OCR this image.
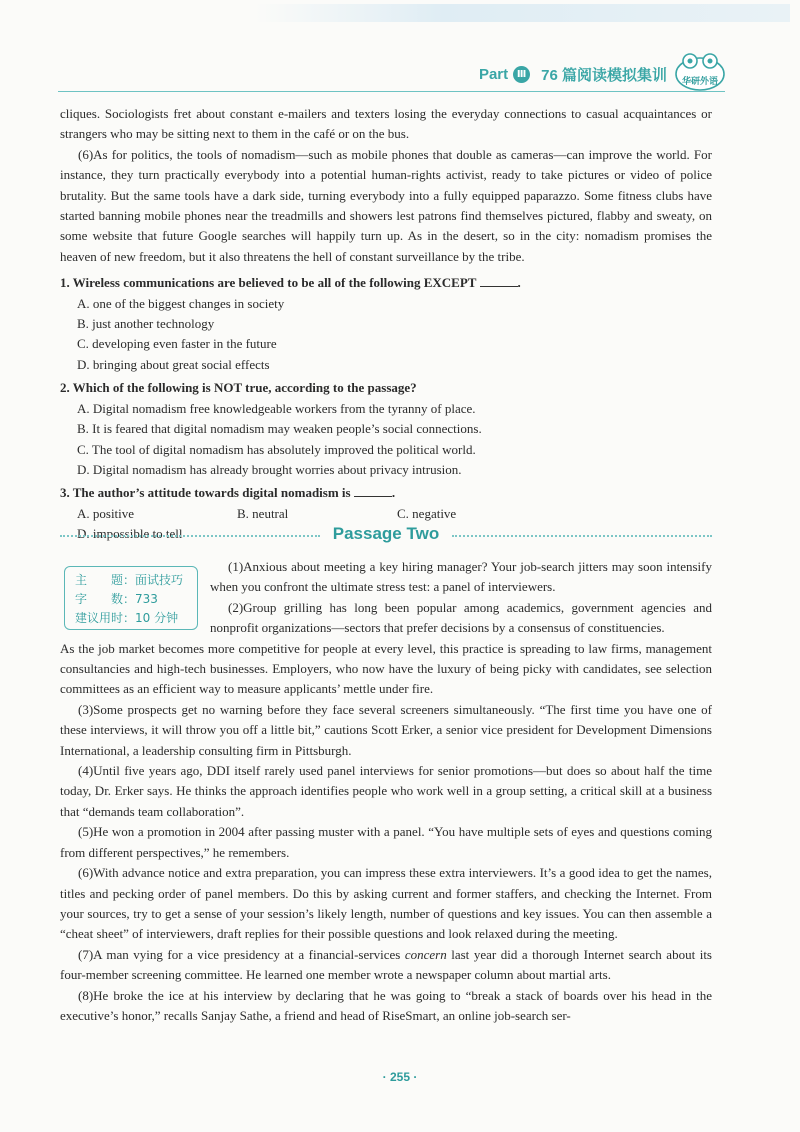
Part Ⅲ 76 篇阅读模拟集训	华研外语

cliques. Sociologists fret about constant e-mailers and texters losing the everyday connections to casual acquaintances or strangers who may be sitting next to them in the café or on the bus.

(6)As for politics, the tools of nomadism—such as mobile phones that double as cameras—can improve the world. For instance, they turn practically everybody into a potential human-rights activist, ready to take pictures or video of police brutality. But the same tools have a dark side, turning everybody into a fully equipped paparazzo. Some fitness clubs have started banning mobile phones near the treadmills and showers lest patrons find themselves pictured, flabby and sweaty, on some website that future Google searches will happily turn up. As in the desert, so in the city: nomadism promises the heaven of new freedom, but it also threatens the hell of constant surveillance by the tribe.

1. Wireless communications are believed to be all of the following EXCEPT	.
A. one of the biggest changes in society
B. just another technology
C. developing even faster in the future
D. bringing about great social effects
2. Which of the following is NOT true, according to the passage?
A. Digital nomadism free knowledgeable workers from the tyranny of place.
B. It is feared that digital nomadism may weaken people’s social connections.
C. The tool of digital nomadism has absolutely improved the political world.
D. Digital nomadism has already brought worries about privacy intrusion.
3. The author’s attitude towards digital nomadism is	.
A. positive	B. neutral	C. negative
D. impossible to tell	Passage Two
主　　题：面试技巧
字　　数：733
建议用时：10 分钟

(1)Anxious about meeting a key hiring manager? Your job-search jitters may soon intensify when you confront the ultimate stress test: a panel of interviewers.

(2)Group grilling has long been popular among academics, government agencies and nonprofit organizations—sectors that prefer decisions by a consensus of constituencies.

As the job market becomes more competitive for people at every level, this practice is spreading to law firms, management consultancies and high-tech businesses. Employers, who now have the luxury of being picky with candidates, see selection committees as an efficient way to measure applicants’ mettle under fire.

(3)Some prospects get no warning before they face several screeners simultaneously. “The first time you have one of these interviews, it will throw you off a little bit,” cautions Scott Erker, a senior vice president for Development Dimensions International, a leadership consulting firm in Pittsburgh.

(4)Until five years ago, DDI itself rarely used panel interviews for senior promotions—but does so about half the time today, Dr. Erker says. He thinks the approach identifies people who work well in a group setting, a critical skill at a business that “demands team collaboration”.

(5)He won a promotion in 2004 after passing muster with a panel. “You have multiple sets of eyes and questions coming from different perspectives,” he remembers.

(6)With advance notice and extra preparation, you can impress these extra interviewers. It’s a good idea to get the names, titles and pecking order of panel members. Do this by asking current and former staffers, and checking the Internet. From your sources, try to get a sense of your session’s likely length, number of questions and key issues. You can then assemble a “cheat sheet” of interviewers, draft replies for their possible questions and look relaxed during the meeting.

(7)A man vying for a vice presidency at a financial-services concern last year did a thorough Internet search about its four-member screening committee. He learned one member wrote a newspaper column about martial arts.

(8)He broke the ice at his interview by declaring that he was going to “break a stack of boards over his head in the executive’s honor,” recalls Sanjay Sathe, a friend and head of RiseSmart, an online job-search ser-

· 255 ·
